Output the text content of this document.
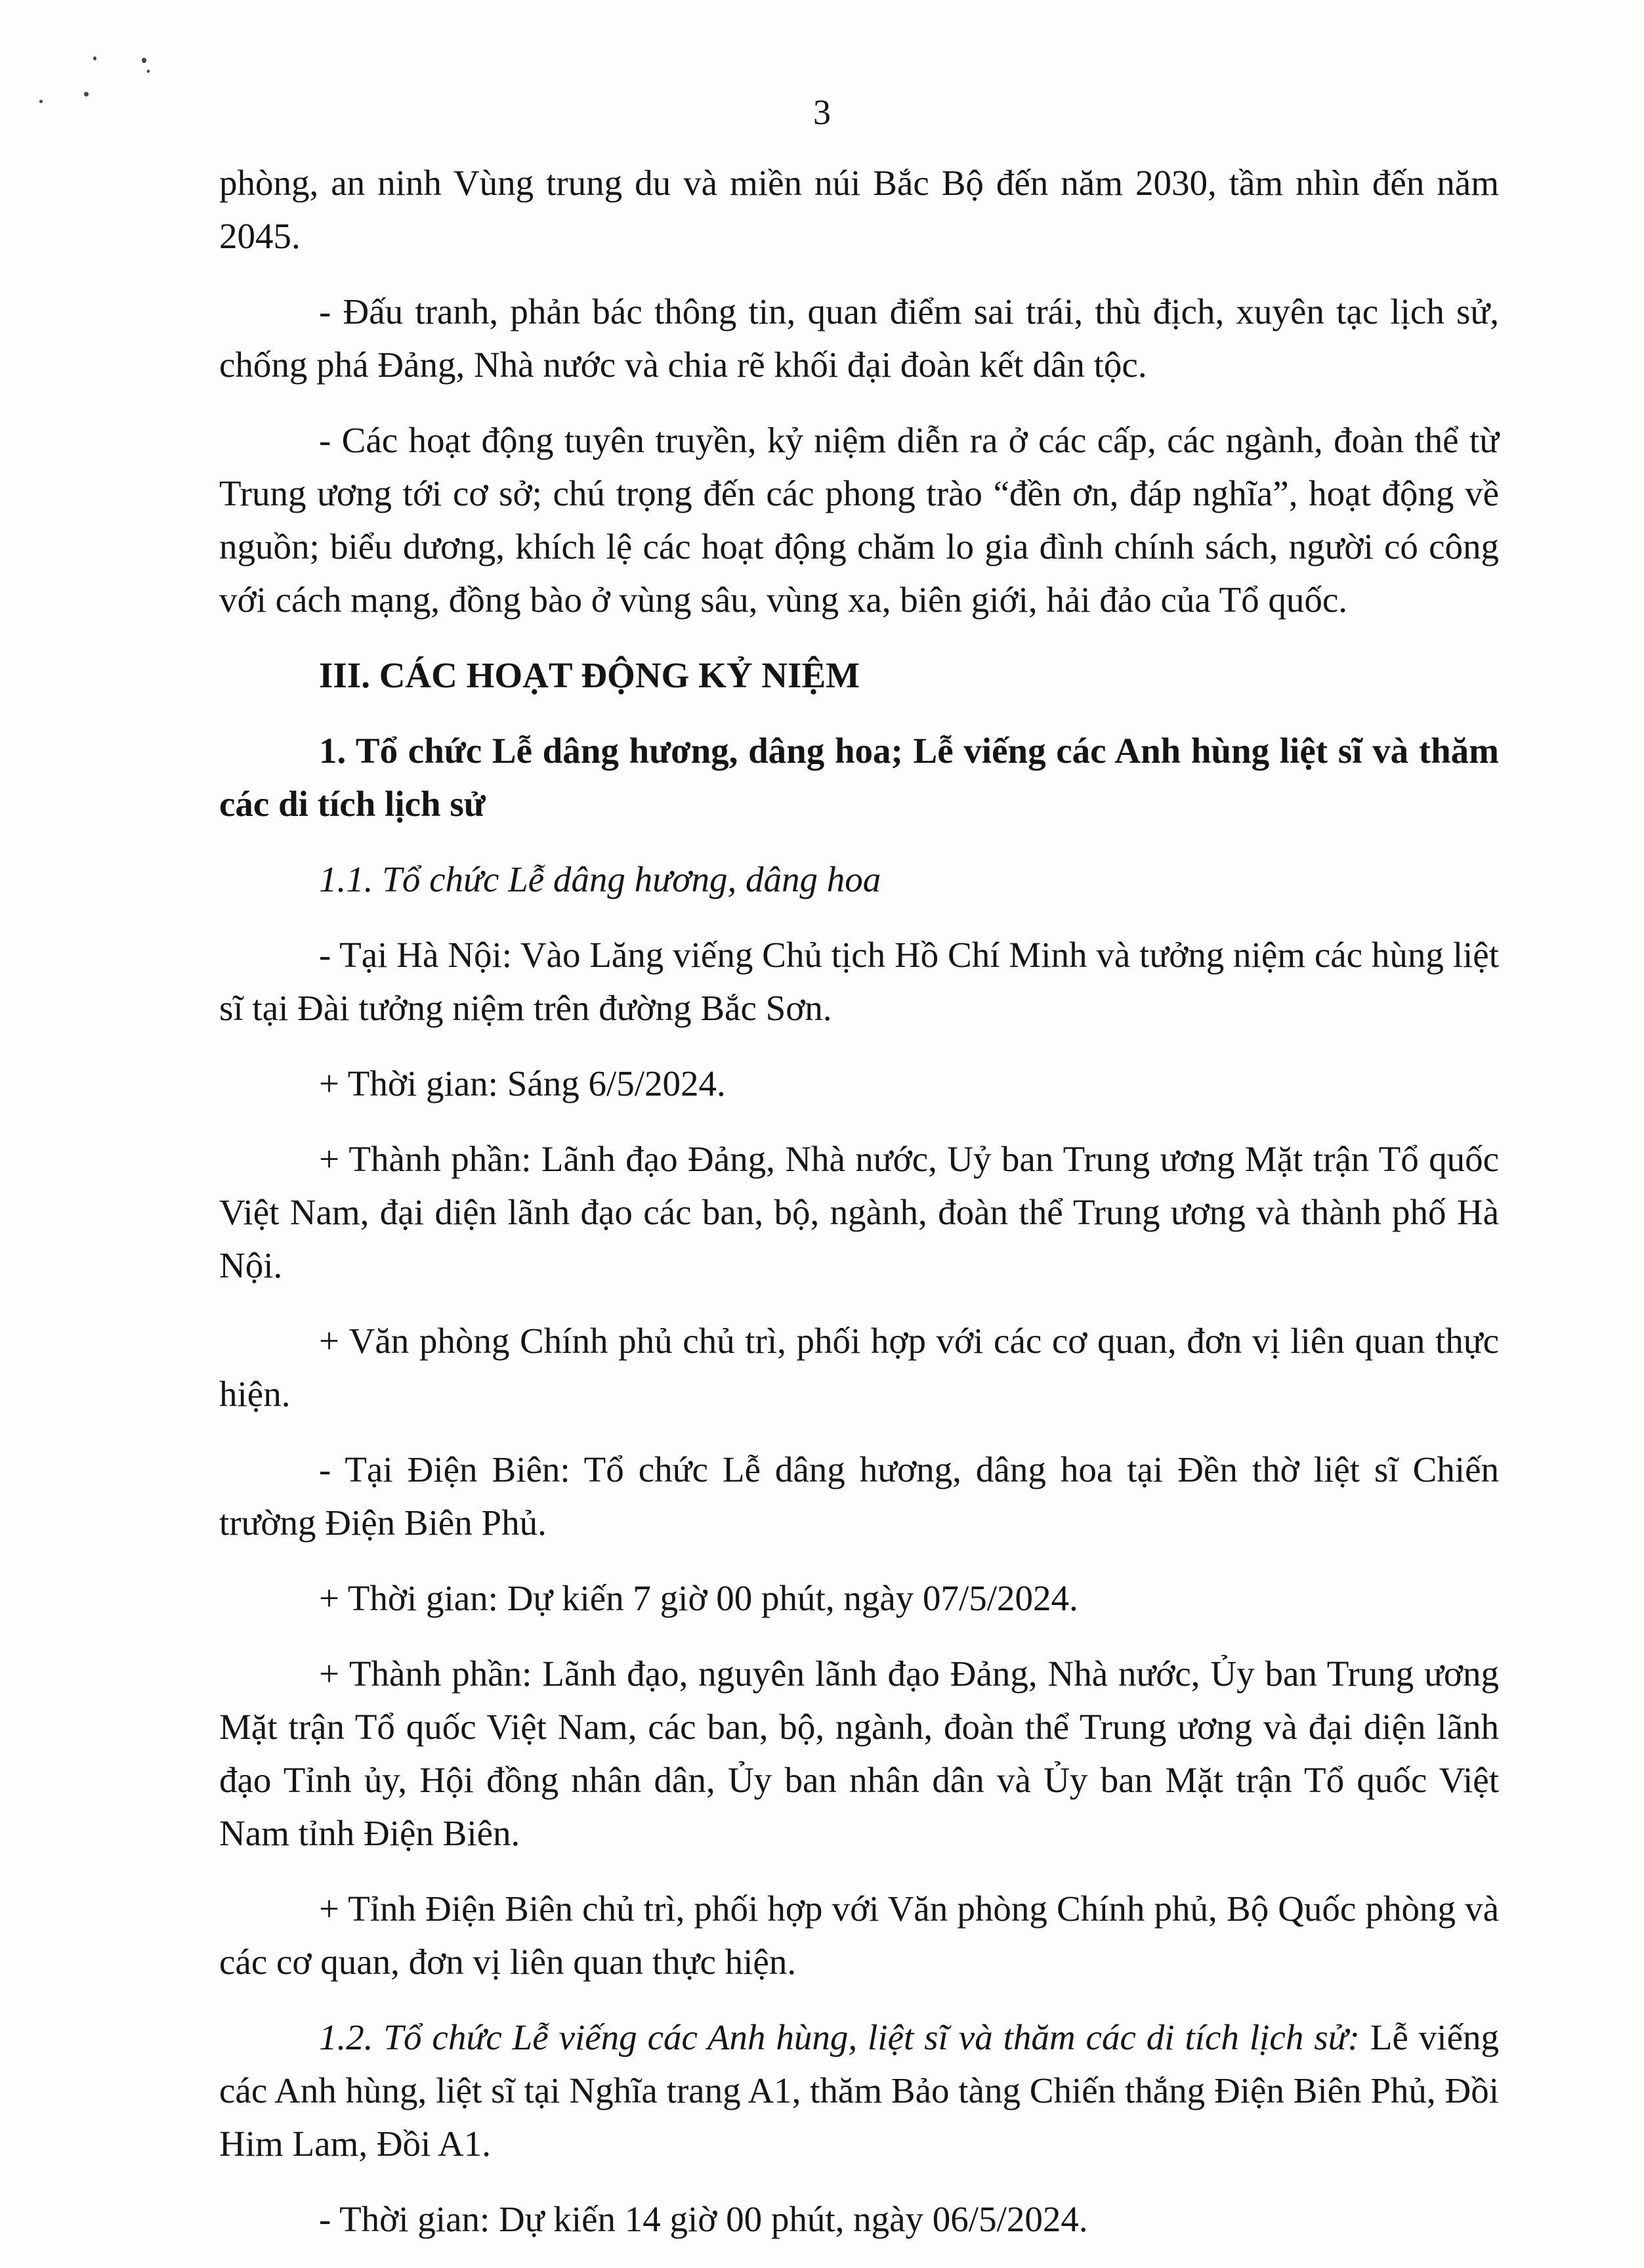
3

phòng, an ninh Vùng trung du và miền núi Bắc Bộ đến năm 2030, tầm nhìn đến năm 2045.

- Đấu tranh, phản bác thông tin, quan điểm sai trái, thù địch, xuyên tạc lịch sử, chống phá Đảng, Nhà nước và chia rẽ khối đại đoàn kết dân tộc.

- Các hoạt động tuyên truyền, kỷ niệm diễn ra ở các cấp, các ngành, đoàn thể từ Trung ương tới cơ sở; chú trọng đến các phong trào “đền ơn, đáp nghĩa”, hoạt động về nguồn; biểu dương, khích lệ các hoạt động chăm lo gia đình chính sách, người có công với cách mạng, đồng bào ở vùng sâu, vùng xa, biên giới, hải đảo của Tổ quốc.

III. CÁC HOẠT ĐỘNG KỶ NIỆM

1. Tổ chức Lễ dâng hương, dâng hoa; Lễ viếng các Anh hùng liệt sĩ và thăm các di tích lịch sử

1.1. Tổ chức Lễ dâng hương, dâng hoa

- Tại Hà Nội: Vào Lăng viếng Chủ tịch Hồ Chí Minh và tưởng niệm các hùng liệt sĩ tại Đài tưởng niệm trên đường Bắc Sơn.

+ Thời gian: Sáng 6/5/2024.

+ Thành phần: Lãnh đạo Đảng, Nhà nước, Uỷ ban Trung ương Mặt trận Tổ quốc Việt Nam, đại diện lãnh đạo các ban, bộ, ngành, đoàn thể Trung ương và thành phố Hà Nội.

+ Văn phòng Chính phủ chủ trì, phối hợp với các cơ quan, đơn vị liên quan thực hiện.

- Tại Điện Biên: Tổ chức Lễ dâng hương, dâng hoa tại Đền thờ liệt sĩ Chiến trường Điện Biên Phủ.

+ Thời gian: Dự kiến 7 giờ 00 phút, ngày 07/5/2024.

+ Thành phần: Lãnh đạo, nguyên lãnh đạo Đảng, Nhà nước, Ủy ban Trung ương Mặt trận Tổ quốc Việt Nam, các ban, bộ, ngành, đoàn thể Trung ương và đại diện lãnh đạo Tỉnh ủy, Hội đồng nhân dân, Ủy ban nhân dân và Ủy ban Mặt trận Tổ quốc Việt Nam tỉnh Điện Biên.

+ Tỉnh Điện Biên chủ trì, phối hợp với Văn phòng Chính phủ, Bộ Quốc phòng và các cơ quan, đơn vị liên quan thực hiện.

1.2. Tổ chức Lễ viếng các Anh hùng, liệt sĩ và thăm các di tích lịch sử: Lễ viếng các Anh hùng, liệt sĩ tại Nghĩa trang A1, thăm Bảo tàng Chiến thắng Điện Biên Phủ, Đồi Him Lam, Đồi A1.

- Thời gian: Dự kiến 14 giờ 00 phút, ngày 06/5/2024.
